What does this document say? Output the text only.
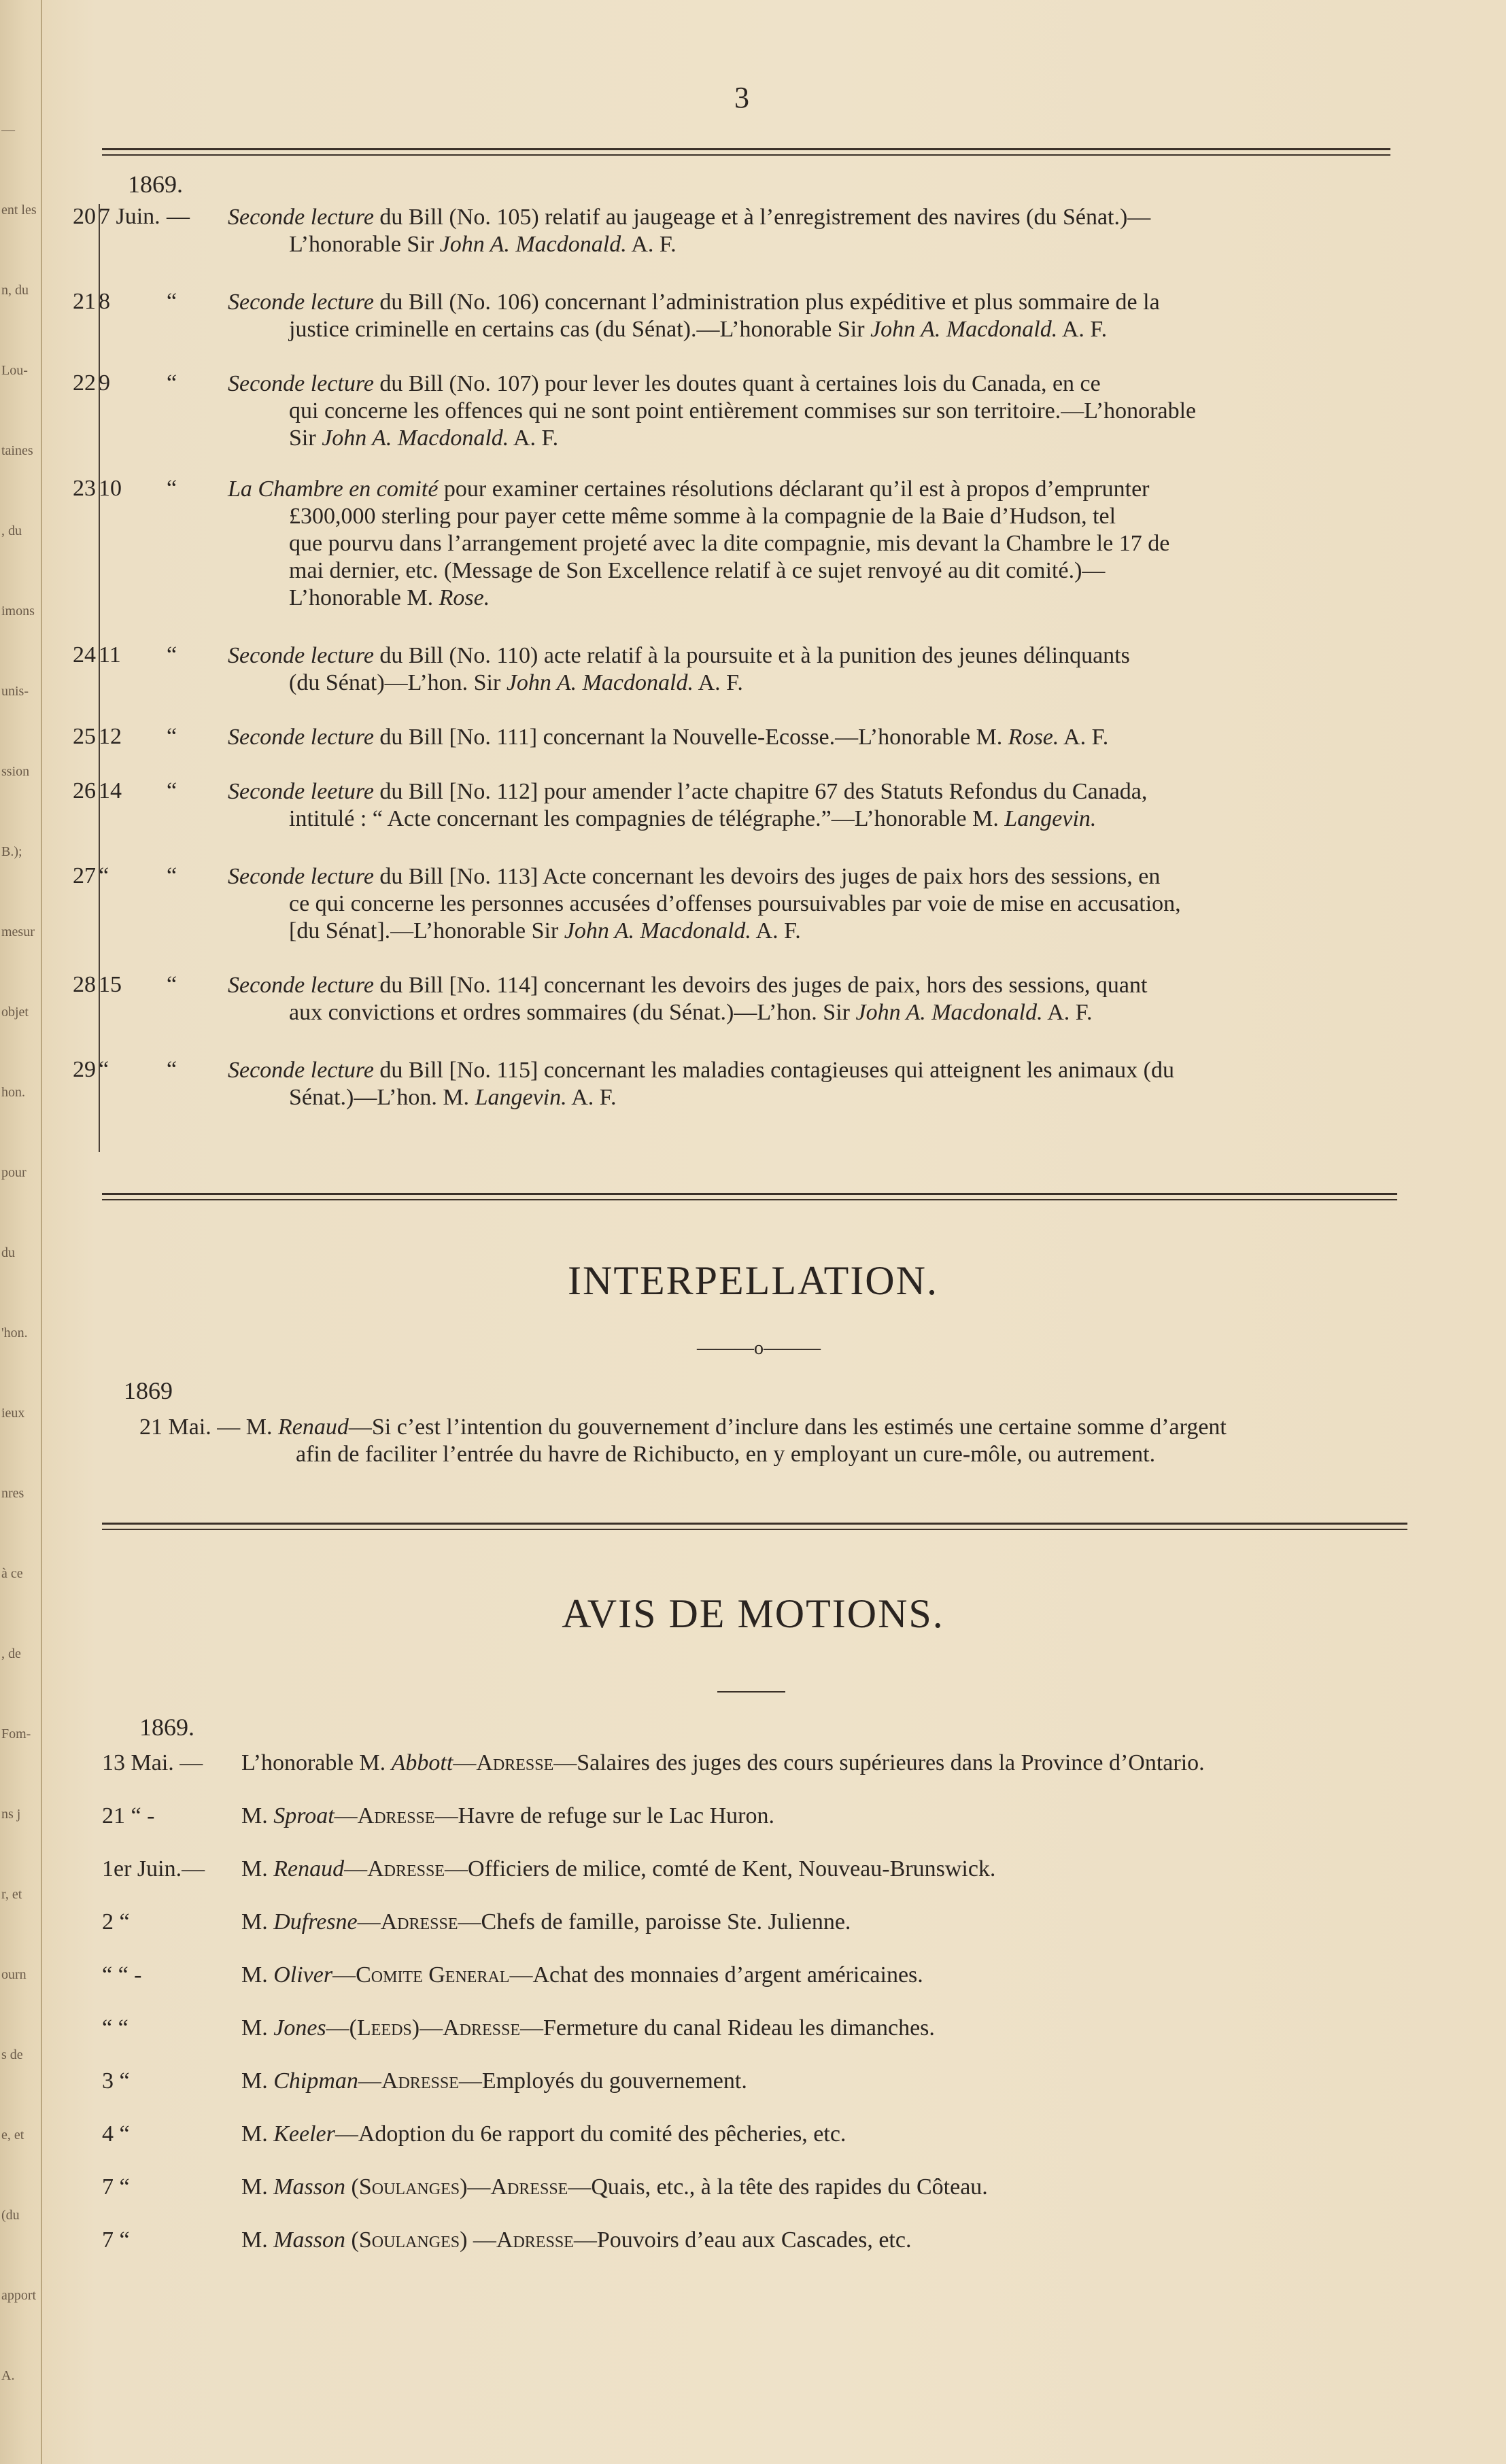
—
ent les
n, du
Lou-
taines
, du
imons
unis-
ssion
B.);
mesur
objet
hon.
pour
du
'hon.
ieux
nres
à ce
, de
Fom-
ns j
r, et
ourn
s de
e, et
(du
apport
A.
3
1869.
20 7 Juin. — Seconde lecture du Bill (No. 105) relatif au jaugeage et à l’enregistrement des navires (du Sénat.)—
L’honorable Sir John A. Macdonald. A. F.
21 8	“ Seconde lecture du Bill (No. 106) concernant l’administration plus expéditive et plus sommaire de la
justice criminelle en certains cas (du Sénat).—L’honorable Sir John A. Macdonald. A. F.
22 9	“ Seconde lecture du Bill (No. 107) pour lever les doutes quant à certaines lois du Canada, en ce
qui concerne les offences qui ne sont point entièrement commises sur son territoire.—L’honorable
Sir John A. Macdonald. A. F.
23 10	“ La Chambre en comité pour examiner certaines résolutions déclarant qu’il est à propos d’emprunter
£300,000 sterling pour payer cette même somme à la compagnie de la Baie d’Hudson, tel
que pourvu dans l’arrangement projeté avec la dite compagnie, mis devant la Chambre le 17 de
mai dernier, etc. (Message de Son Excellence relatif à ce sujet renvoyé au dit comité.)—
L’honorable M. Rose.
24 11	“ Seconde lecture du Bill (No. 110) acte relatif à la poursuite et à la punition des jeunes délinquants
(du Sénat)—L’hon. Sir John A. Macdonald. A. F.
25 12	“ Seconde lecture du Bill [No. 111] concernant la Nouvelle-Ecosse.—L’honorable M. Rose. A. F.
26 14	“ Seconde leeture du Bill [No. 112] pour amender l’acte chapitre 67 des Statuts Refondus du Canada,
intitulé : “ Acte concernant les compagnies de télégraphe.”—L’honorable M. Langevin.
27 “	“ Seconde lecture du Bill [No. 113] Acte concernant les devoirs des juges de paix hors des sessions, en
ce qui concerne les personnes accusées d’offenses poursuivables par voie de mise en accusation,
[du Sénat].—L’honorable Sir John A. Macdonald. A. F.
28 15	“ Seconde lecture du Bill [No. 114] concernant les devoirs des juges de paix, hors des sessions, quant
aux convictions et ordres sommaires (du Sénat.)—L’hon. Sir John A. Macdonald. A. F.
29 “	“ Seconde lecture du Bill [No. 115] concernant les maladies contagieuses qui atteignent les animaux (du
Sénat.)—L’hon. M. Langevin. A. F.
INTERPELLATION.
———o———
1869
21 Mai. — M. Renaud—Si c’est l’intention du gouvernement d’inclure dans les estimés une certaine somme d’argent
afin de faciliter l’entrée du havre de Richibucto, en y employant un cure-môle, ou autrement.
AVIS DE MOTIONS.
1869.
13 Mai. —	L’honorable M. Abbott—Adresse—Salaires des juges des cours supérieures dans la Province d’Ontario.
21 “ -	M. Sproat—Adresse—Havre de refuge sur le Lac Huron.
1er Juin.—	M. Renaud—Adresse—Officiers de milice, comté de Kent, Nouveau-Brunswick.
2 “	M. Dufresne—Adresse—Chefs de famille, paroisse Ste. Julienne.
“ “ -	M. Oliver—Comite General—Achat des monnaies d’argent américaines.
“ “	M. Jones—(Leeds)—Adresse—Fermeture du canal Rideau les dimanches.
3 “	M. Chipman—Adresse—Employés du gouvernement.
4 “	M. Keeler—Adoption du 6e rapport du comité des pêcheries, etc.
7 “	M. Masson (Soulanges)—Adresse—Quais, etc., à la tête des rapides du Côteau.
7 “	M. Masson (Soulanges) —Adresse—Pouvoirs d’eau aux Cascades, etc.
